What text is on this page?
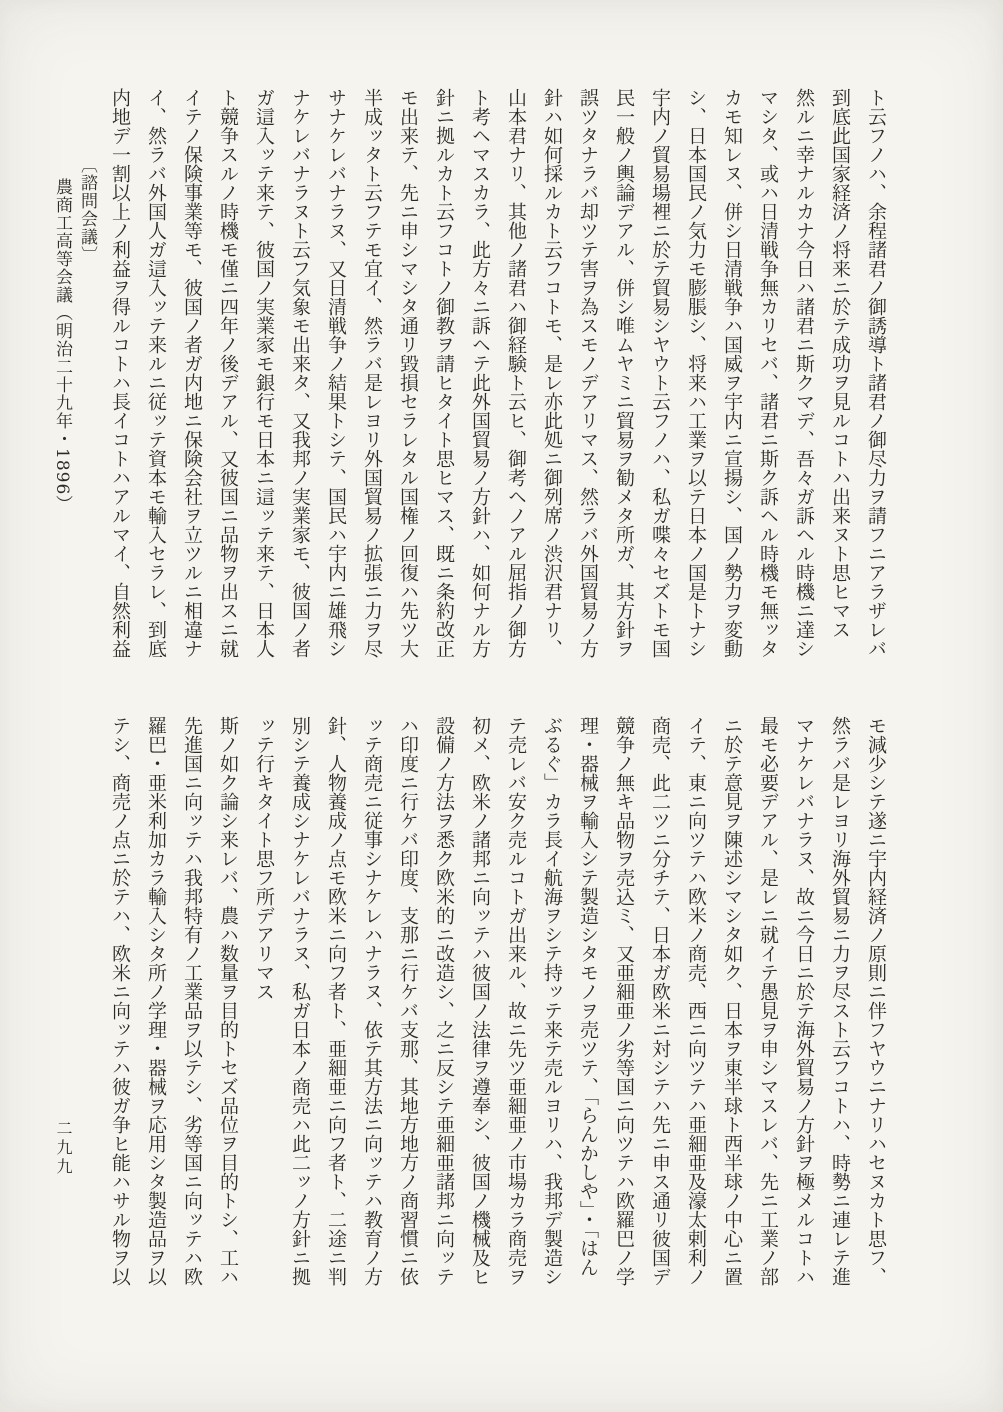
ト云フノハ、余程諸君ノ御誘導ト諸君ノ御尽力ヲ請フニアラザレバ

到底此国家経済ノ将来ニ於テ成功ヲ見ルコトハ出来ヌト思ヒマス

然ルニ幸ナルカナ今日ハ諸君ニ斯クマデ、吾々ガ訴ヘル時機ニ達シ

マシタ、或ハ日清戦争無カリセバ、諸君ニ斯ク訴ヘル時機モ無ッタ

カモ知レヌ、併シ日清戦争ハ国威ヲ宇内ニ宣揚シ、国ノ勢力ヲ変動

シ、日本国民ノ気力モ膨脹シ、将来ハ工業ヲ以テ日本ノ国是トナシ

宇内ノ貿易場裡ニ於テ貿易シヤウト云フノハ、私ガ喋々セズトモ国

民一般ノ輿論デアル、併シ唯ムヤミニ貿易ヲ勧メタ所ガ、其方針ヲ

誤ツタナラバ却ツテ害ヲ為スモノデアリマス、然ラバ外国貿易ノ方

針ハ如何採ルカト云フコトモ、是レ亦此処ニ御列席ノ渋沢君ナリ、

山本君ナリ、其他ノ諸君ハ御経験ト云ヒ、御考ヘノアル屈指ノ御方

ト考ヘマスカラ、此方々ニ訴ヘテ此外国貿易ノ方針ハ、如何ナル方

針ニ拠ルカト云フコトノ御教ヲ請ヒタイト思ヒマス、既ニ条約改正

モ出来テ、先ニ申シマシタ通リ毀損セラレタル国権ノ回復ハ先ツ大

半成ッタト云フテモ宜イ、然ラバ是レヨリ外国貿易ノ拡張ニ力ヲ尽

サナケレバナラヌ、又日清戦争ノ結果トシテ、国民ハ宇内ニ雄飛シ

ナケレバナラヌト云フ気象モ出来タ、又我邦ノ実業家モ、彼国ノ者

ガ這入ッテ来テ、彼国ノ実業家モ銀行モ日本ニ這ッテ来テ、日本人

ト競争スルノ時機モ僅ニ四年ノ後デアル、又彼国ニ品物ヲ出スニ就

イテノ保険事業等モ、彼国ノ者ガ内地ニ保険会社ヲ立ツルニ相違ナ

イ、然ラバ外国人ガ這入ッテ来ルニ従ッテ資本モ輸入セラレ、到底

内地デ一割以上ノ利益ヲ得ルコトハ長イコトハアルマイ、自然利益

モ減少シテ遂ニ宇内経済ノ原則ニ伴フヤウニナリハセヌカト思フ、

然ラバ是レヨリ海外貿易ニ力ヲ尽スト云フコトハ、時勢ニ連レテ進

マナケレバナラヌ、故ニ今日ニ於テ海外貿易ノ方針ヲ極メルコトハ

最モ必要デアル、是レニ就イテ愚見ヲ申シマスレバ、先ニ工業ノ部

ニ於テ意見ヲ陳述シマシタ如ク、日本ヲ東半球ト西半球ノ中心ニ置

イテ、東ニ向ツテハ欧米ノ商売、西ニ向ツテハ亜細亜及濠太剌利ノ

商売、此二ツニ分チテ、日本ガ欧米ニ対シテハ先ニ申ス通リ彼国デ

競争ノ無キ品物ヲ売込ミ、又亜細亜ノ劣等国ニ向ツテハ欧羅巴ノ学

理・器械ヲ輸入シテ製造シタモノヲ売ツテ、「らんかしや」・「はん

ぶるぐ」カラ長イ航海ヲシテ持ッテ来テ売ルヨリハ、我邦デ製造シ

テ売レバ安ク売ルコトガ出来ル、故ニ先ツ亜細亜ノ市場カラ商売ヲ

初メ、欧米ノ諸邦ニ向ッテハ彼国ノ法律ヲ遵奉シ、彼国ノ機械及ヒ

設備ノ方法ヲ悉ク欧米的ニ改造シ、之ニ反シテ亜細亜諸邦ニ向ッテ

ハ印度ニ行ケバ印度、支那ニ行ケバ支那、其地方地方ノ商習慣ニ依

ッテ商売ニ従事シナケレハナラヌ、依テ其方法ニ向ッテハ教育ノ方

針、人物養成ノ点モ欧米ニ向フ者ト、亜細亜ニ向フ者ト、二途ニ判

別シテ養成シナケレバナラヌ、私ガ日本ノ商売ハ此二ッノ方針ニ拠

ッテ行キタイト思フ所デアリマス

斯ノ如ク論シ来レバ、農ハ数量ヲ目的トセズ品位ヲ目的トシ、工ハ

先進国ニ向ッテハ我邦特有ノ工業品ヲ以テシ、劣等国ニ向ッテハ欧

羅巴・亜米利加カラ輸入シタ所ノ学理・器械ヲ応用シタ製造品ヲ以

テシ、商売ノ点ニ於テハ、欧米ニ向ッテハ彼ガ争ヒ能ハサル物ヲ以

〔諮問会議〕農商工高等会議（明治二十九年・1896）
二九九
